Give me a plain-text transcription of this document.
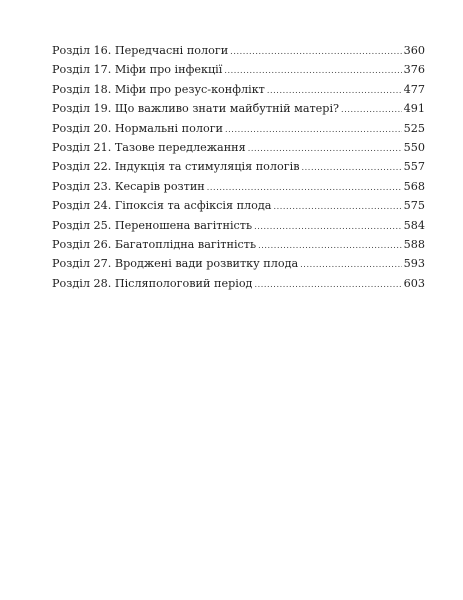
Розділ 16. Передчасні пологи .....	360
Розділ 17. Міфи про інфекції .....	376
Розділ 18. Міфи про резус-конфлікт .....	477
Розділ 19. Що важливо знати майбутній матері? .....	491
Розділ 20. Нормальні пологи .....	525
Розділ 21. Тазове передлежання .....	550
Розділ 22. Індукція та стимуляція пологів .....	557
Розділ 23. Кесарів розтин .....	568
Розділ 24. Гіпоксія та асфіксія плода .....	575
Розділ 25. Переношена вагітність .....	584
Розділ 26. Багатоплідна вагітність .....	588
Розділ 27. Вроджені вади розвитку плода .....	593
Розділ 28. Післяпологовий період .....	603
